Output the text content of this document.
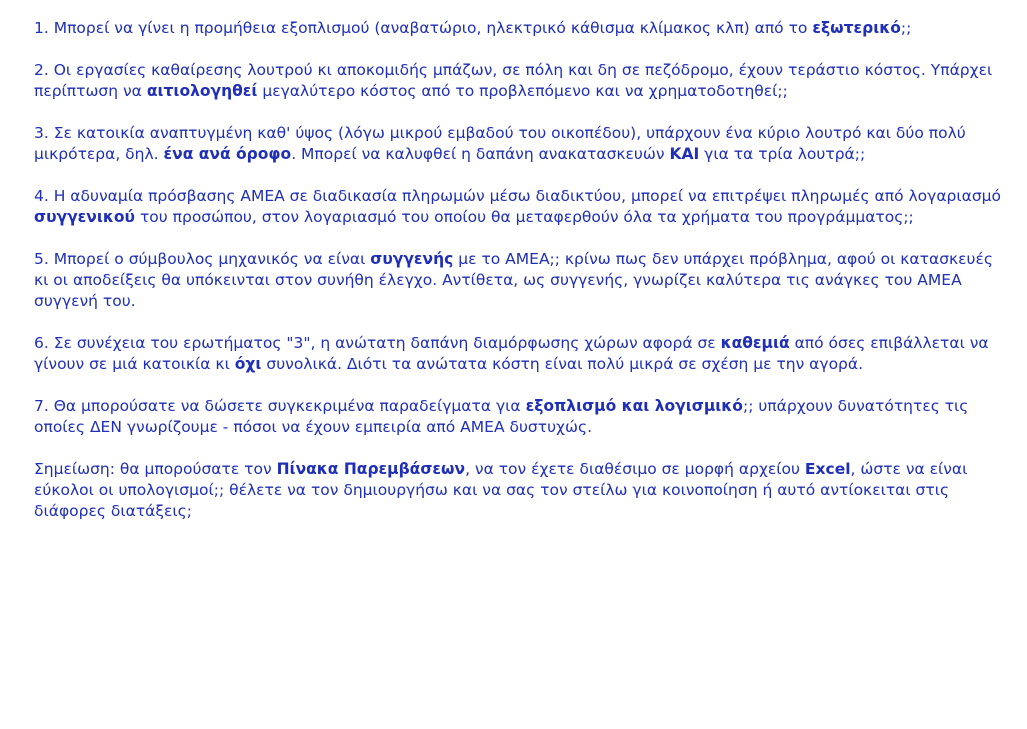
1. Μπορεί να γίνει η προμήθεια εξοπλισμού (αναβατώριο, ηλεκτρικό κάθισμα κλίμακος κλπ) από το εξωτερικό;;

2. Οι εργασίες καθαίρεσης λουτρού κι αποκομιδής μπάζων, σε πόλη και δη σε πεζόδρομο, έχουν τεράστιο κόστος. Υπάρχει περίπτωση να αιτιολογηθεί μεγαλύτερο κόστος από το προβλεπόμενο και να χρηματοδοτηθεί;;

3. Σε κατοικία αναπτυγμένη καθ' ύψος (λόγω μικρού εμβαδού του οικοπέδου), υπάρχουν ένα κύριο λουτρό και δύο πολύ μικρότερα, δηλ. ένα ανά όροφο. Μπορεί να καλυφθεί η δαπάνη ανακατασκευών ΚΑΙ για τα τρία λουτρά;;

4. Η αδυναμία πρόσβασης ΑΜΕΑ σε διαδικασία πληρωμών μέσω διαδικτύου, μπορεί να επιτρέψει πληρωμές από λογαριασμό συγγενικού του προσώπου, στον λογαριασμό του οποίου θα μεταφερθούν όλα τα χρήματα του προγράμματος;;

5. Μπορεί ο σύμβουλος μηχανικός να είναι συγγενής με το ΑΜΕΑ;; κρίνω πως δεν υπάρχει πρόβλημα, αφού οι κατασκευές κι οι αποδείξεις θα υπόκεινται στον συνήθη έλεγχο. Αντίθετα, ως συγγενής, γνωρίζει καλύτερα τις ανάγκες του ΑΜΕΑ συγγενή του.

6. Σε συνέχεια του ερωτήματος "3", η ανώτατη δαπάνη διαμόρφωσης χώρων αφορά σε καθεμιά από όσες επιβάλλεται να γίνουν σε μιά κατοικία κι όχι συνολικά. Διότι τα ανώτατα κόστη είναι πολύ μικρά σε σχέση με την αγορά.

7. Θα μπορούσατε να δώσετε συγκεκριμένα παραδείγματα για εξοπλισμό και λογισμικό;; υπάρχουν δυνατότητες τις οποίες ΔΕΝ γνωρίζουμε - πόσοι να έχουν εμπειρία από ΑΜΕΑ δυστυχώς.

Σημείωση: θα μπορούσατε τον Πίνακα Παρεμβάσεων, να τον έχετε διαθέσιμο σε μορφή αρχείου Excel, ώστε να είναι εύκολοι οι υπολογισμοί;; θέλετε να τον δημιουργήσω και να σας τον στείλω για κοινοποίηση ή αυτό αντίοκειται στις διάφορες διατάξεις;
